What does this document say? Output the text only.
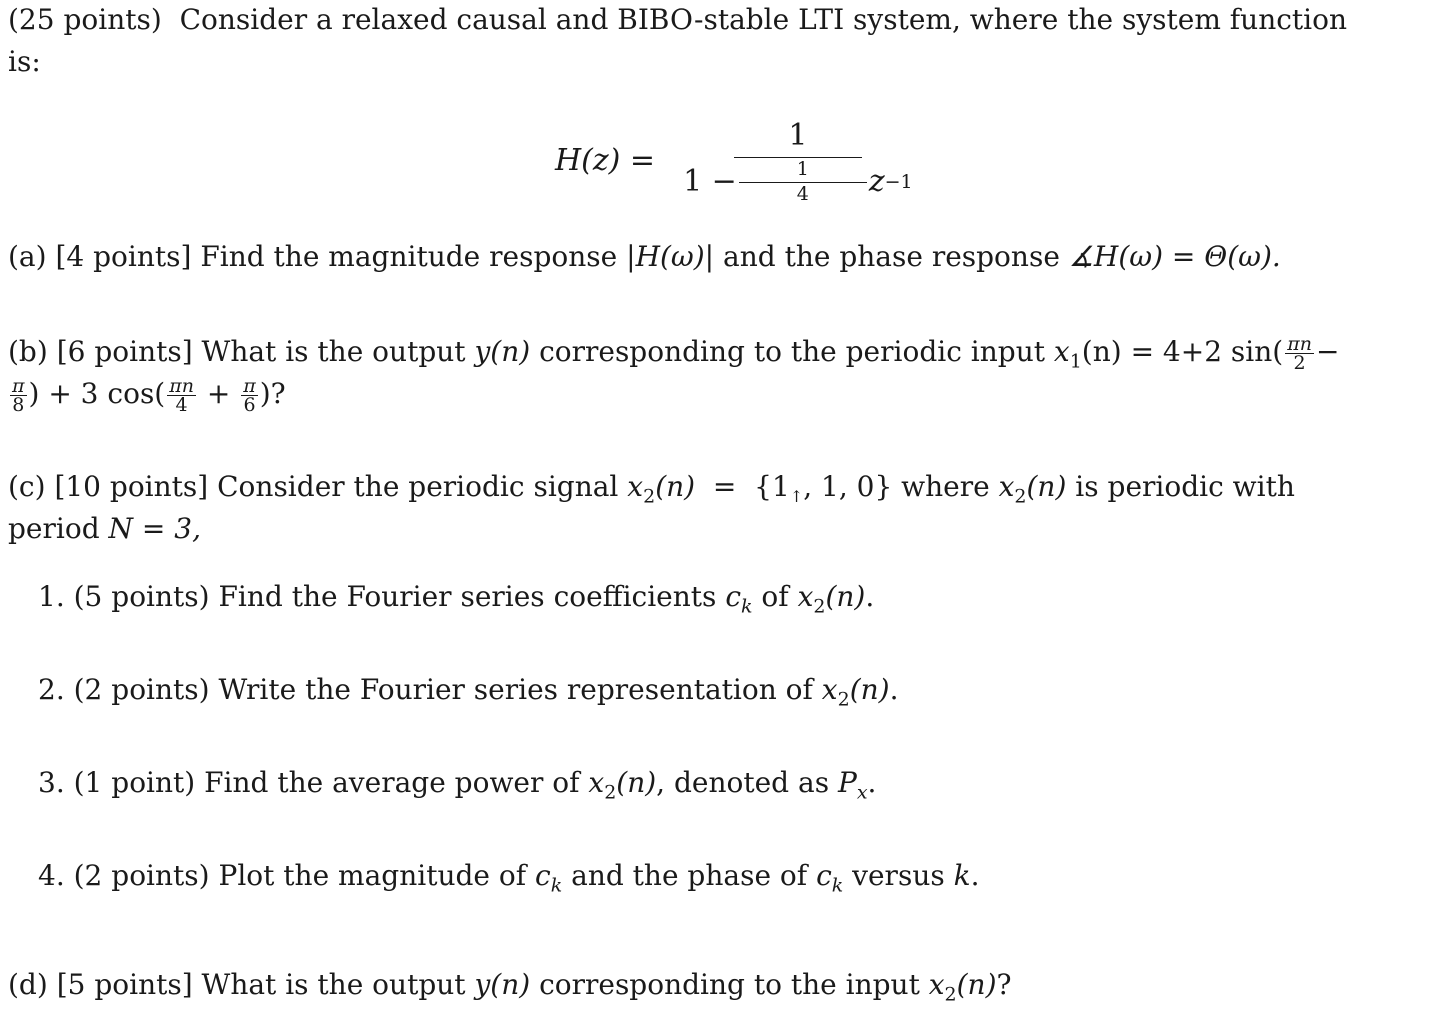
(25 points) Consider a relaxed causal and BIBO-stable LTI system, where the system function
is:
$H(z) = \frac{1}{1 - \frac{1}{4} z -1}$
(a) [4 points] Find the magnitude response |H(ω)| and the phase response ∡H(ω) = Θ(ω).
(b) [6 points] What is the output y(n) corresponding to the periodic input $x_1(n) = 4+2$ $\sin( \frac{\pi n}{2}$ −
$\frac{\pi}{8}$ ) + 3 $\cos( \frac{\pi n}{4} + \frac{\pi}{6}$ )?
(c) [10 points] Consider the periodic signal $x_2(n) = \{1_↑$, 1, 0} where $x_2(n)$ is periodic with
period N = 3,
1. (5 points) Find the Fourier series coefficients $c_k$ of $x_2(n)$.
2. (2 points) Write the Fourier series representation of $x_2(n)$.
3. (1 point) Find the average power of $x_2(n)$, denoted as $P_x$.
4. (2 points) Plot the magnitude of $c_k$ and the phase of $c_k$ versus k.
(d) [5 points] What is the output y(n) corresponding to the input $x_2(n)$?
